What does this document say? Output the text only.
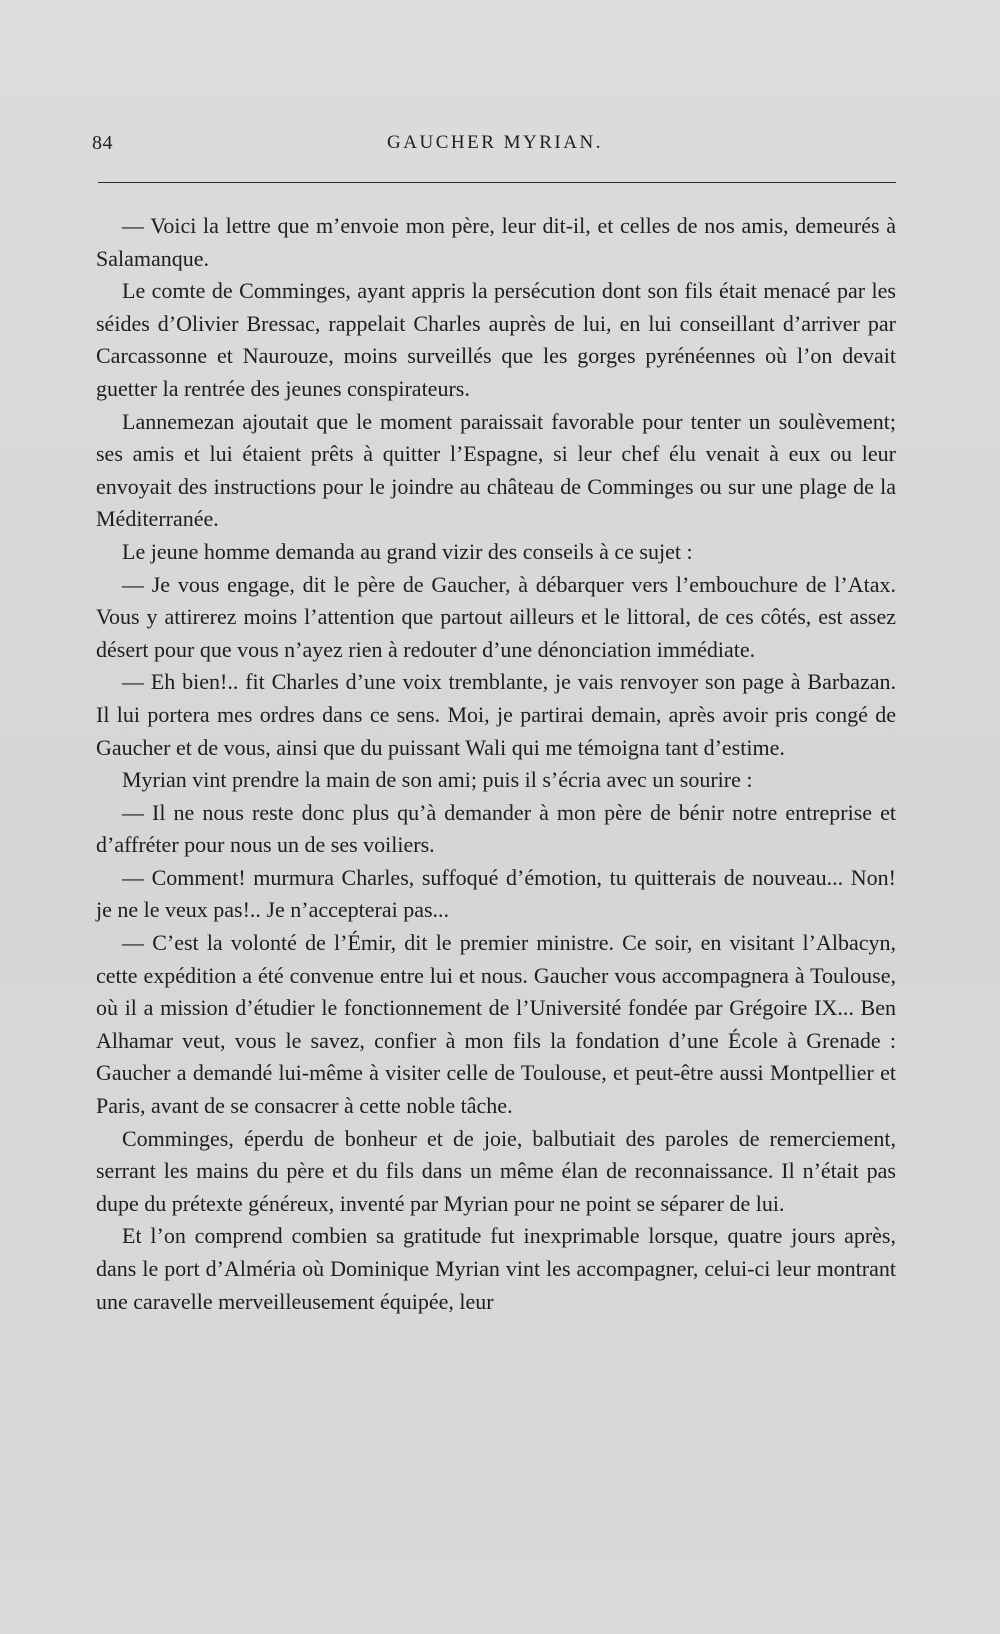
84	GAUCHER MYRIAN.

— Voici la lettre que m’envoie mon père, leur dit-il, et celles de nos amis, demeurés à Salamanque.

Le comte de Comminges, ayant appris la persécution dont son fils était menacé par les séides d’Olivier Bressac, rappelait Charles auprès de lui, en lui conseillant d’arriver par Carcassonne et Naurouze, moins surveillés que les gorges pyrénéennes où l’on devait guetter la rentrée des jeunes conspirateurs.

Lannemezan ajoutait que le moment paraissait favorable pour tenter un soulèvement; ses amis et lui étaient prêts à quitter l’Espagne, si leur chef élu venait à eux ou leur envoyait des instructions pour le joindre au château de Comminges ou sur une plage de la Méditerranée.

Le jeune homme demanda au grand vizir des conseils à ce sujet :

— Je vous engage, dit le père de Gaucher, à débarquer vers l’embouchure de l’Atax. Vous y attirerez moins l’attention que partout ailleurs et le littoral, de ces côtés, est assez désert pour que vous n’ayez rien à redouter d’une dénonciation immédiate.

— Eh bien!.. fit Charles d’une voix tremblante, je vais renvoyer son page à Barbazan. Il lui portera mes ordres dans ce sens. Moi, je partirai demain, après avoir pris congé de Gaucher et de vous, ainsi que du puissant Wali qui me témoigna tant d’estime.

Myrian vint prendre la main de son ami; puis il s’écria avec un sourire :

— Il ne nous reste donc plus qu’à demander à mon père de bénir notre entreprise et d’affréter pour nous un de ses voiliers.

— Comment! murmura Charles, suffoqué d’émotion, tu quitterais de nouveau... Non! je ne le veux pas!.. Je n’accepterai pas...

— C’est la volonté de l’Émir, dit le premier ministre. Ce soir, en visitant l’Albacyn, cette expédition a été convenue entre lui et nous. Gaucher vous accompagnera à Toulouse, où il a mission d’étudier le fonctionnement de l’Université fondée par Grégoire IX... Ben Alhamar veut, vous le savez, confier à mon fils la fondation d’une École à Grenade : Gaucher a demandé lui-même à visiter celle de Toulouse, et peut-être aussi Montpellier et Paris, avant de se consacrer à cette noble tâche.

Comminges, éperdu de bonheur et de joie, balbutiait des paroles de remerciement, serrant les mains du père et du fils dans un même élan de reconnaissance. Il n’était pas dupe du prétexte généreux, inventé par Myrian pour ne point se séparer de lui.

Et l’on comprend combien sa gratitude fut inexprimable lorsque, quatre jours après, dans le port d’Alméria où Dominique Myrian vint les accompagner, celui-ci leur montrant une caravelle merveilleusement équipée, leur
